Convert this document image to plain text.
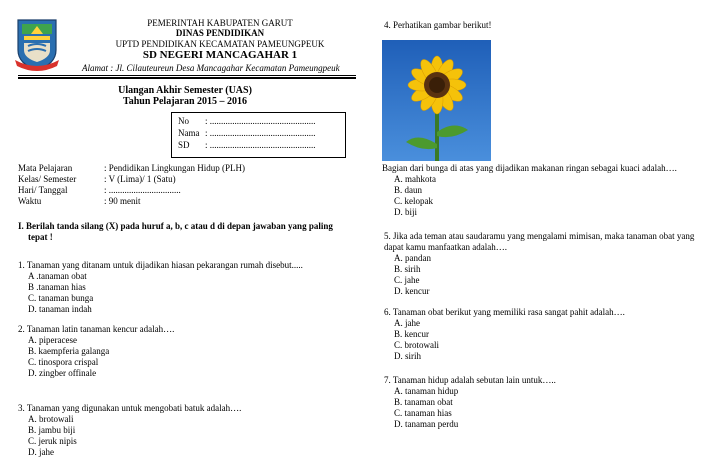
PEMERINTAH KABUPATEN GARUT
DINAS PENDIDIKAN
UPTD PENDIDIKAN KECAMATAN PAMEUNGPEUK
SD NEGERI MANCAGAHAR 1
Alamat : Jl. Cilauteureun Desa Mancagahar Kecamatan Pameungpeuk
Ulangan Akhir Semester (UAS)
Tahun Pelajaran 2015 – 2016
No : ...............................................
Nama : ...............................................
SD : ...............................................
Mata Pelajaran	: Pendidikan Lingkungan Hidup (PLH)
Kelas/ Semester	: V (Lima)/ 1 (Satu)
Hari/ Tanggal	: ................................
Waktu	: 90 menit
I. Berilah tanda silang (X) pada huruf a, b, c atau d di depan jawaban yang paling
tepat !
1. Tanaman yang ditanam untuk dijadikan hiasan pekarangan rumah disebut.....
A .tanaman obat
B .tanaman hias
C. tanaman bunga
D. tanaman indah
2. Tanaman latin tanaman kencur adalah….
A. piperacese
B. kaempferia galanga
C. tinospora crispal
D. zingber offinale
3. Tanaman yang digunakan untuk mengobati batuk adalah….
A. brotowali
B. jambu biji
C. jeruk nipis
D. jahe
4. Perhatikan gambar berikut!
Bagian dari bunga di atas yang dijadikan makanan ringan sebagai kuaci adalah….
A. mahkota
B. daun
C. kelopak
D. biji
5. Jika ada teman atau saudaramu yang mengalami mimisan, maka tanaman obat yang
dapat kamu manfaatkan adalah….
A. pandan
B. sirih
C. jahe
D. kencur
6. Tanaman obat berikut yang memiliki rasa sangat pahit adalah….
A. jahe
B. kencur
C. brotowali
D. sirih
7. Tanaman hidup adalah sebutan lain untuk…..
A. tanaman hidup
B. tanaman obat
C. tanaman hias
D. tanaman perdu
